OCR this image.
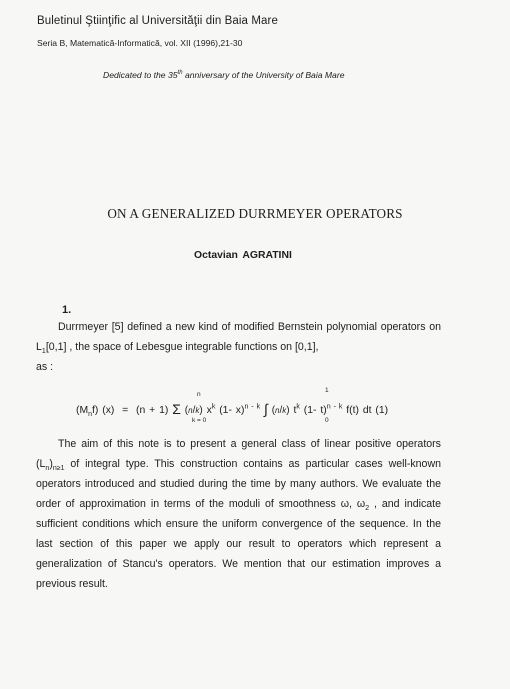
Buletinul Ştiinţific al Universităţii din Baia Mare
Seria B, Matematică-Informatică, vol. XII (1996),21-30
Dedicated to the 35th anniversary of the University of Baia Mare
ON A GENERALIZED DURRMEYER OPERATORS
Octavian AGRATINI
1.

Durrmeyer [5] defined a new kind of modified Bernstein polynomial operators on $L_1[0,1]$ , the space of Lebesgue integrable functions on [0,1],
as :

n
k = 0
1
0
$(M_nf) (x) = (n + 1)$ Σ (n/k) $x^k$ (1- x)$^{n - k}$ ∫ (n/k) $t^k$ (1- t)$^{n - k}$ f(t) dt (1)

The aim of this note is to present a general class of linear positive operators $(L_n)_{n\ge 1}$ of integral type. This construction contains as particular cases well-known operators introduced and studied during the time by many authors. We evaluate the order of approximation in terms of the moduli of smoothness ω, $\omega_2$ , and indicate sufficient conditions which ensure the uniform convergence of the sequence. In the last section of this paper we apply our result to operators which represent a generalization of Stancu's operators. We mention that our estimation improves a previous result.
